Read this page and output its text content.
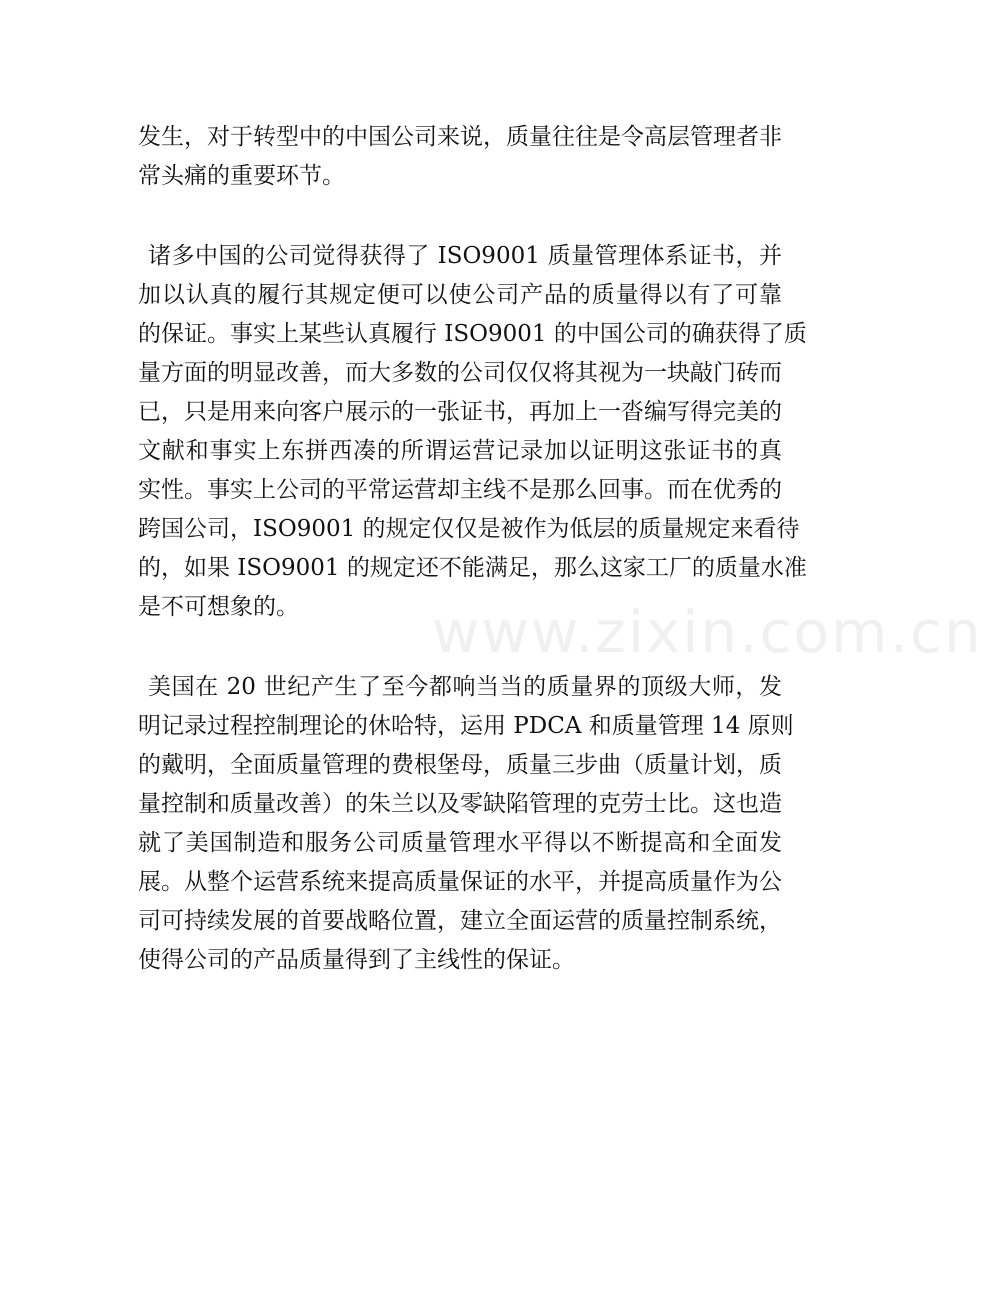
www.zixin.com.cn

发生，对于转型中的中国公司来说，质量往往是令高层管理者非
常头痛的重要环节。

诸多中国的公司觉得获得了 ISO9001 质量管理体系证书，并
加以认真的履行其规定便可以使公司产品的质量得以有了可靠
的保证。事实上某些认真履行 ISO9001 的中国公司的确获得了质
量方面的明显改善，而大多数的公司仅仅将其视为一块敲门砖而
已，只是用来向客户展示的一张证书，再加上一沓编写得完美的
文献和事实上东拼西凑的所谓运营记录加以证明这张证书的真
实性。事实上公司的平常运营却主线不是那么回事。而在优秀的
跨国公司，ISO9001 的规定仅仅是被作为低层的质量规定来看待
的，如果 ISO9001 的规定还不能满足，那么这家工厂的质量水准
是不可想象的。

美国在 20 世纪产生了至今都响当当的质量界的顶级大师，发
明记录过程控制理论的休哈特，运用 PDCA 和质量管理 14 原则
的戴明，全面质量管理的费根堡母，质量三步曲（质量计划，质
量控制和质量改善）的朱兰以及零缺陷管理的克劳士比。这也造
就了美国制造和服务公司质量管理水平得以不断提高和全面发
展。从整个运营系统来提高质量保证的水平，并提高质量作为公
司可持续发展的首要战略位置，建立全面运营的质量控制系统，
使得公司的产品质量得到了主线性的保证。
